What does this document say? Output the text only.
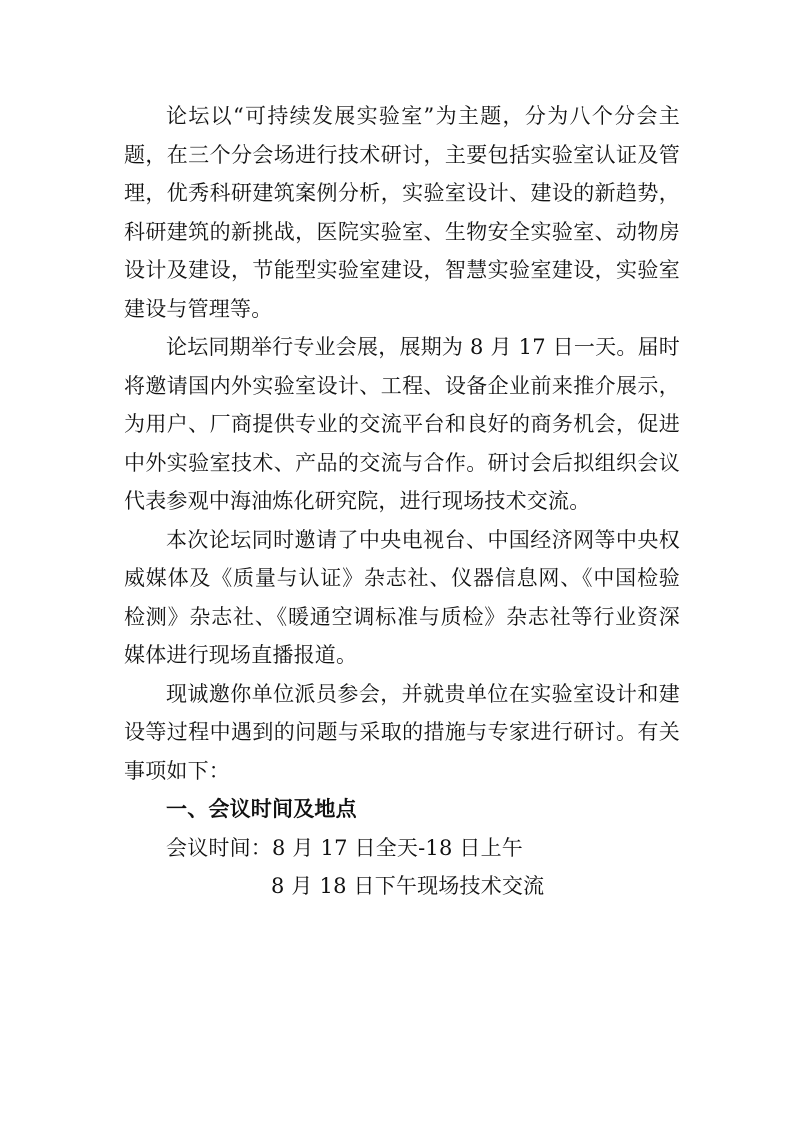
论坛以“可持续发展实验室”为主题，分为八个分会主题，在三个分会场进行技术研讨，主要包括实验室认证及管理，优秀科研建筑案例分析，实验室设计、建设的新趋势，科研建筑的新挑战，医院实验室、生物安全实验室、动物房设计及建设，节能型实验室建设，智慧实验室建设，实验室建设与管理等。

论坛同期举行专业会展，展期为 8 月 17 日一天。届时将邀请国内外实验室设计、工程、设备企业前来推介展示，为用户、厂商提供专业的交流平台和良好的商务机会，促进中外实验室技术、产品的交流与合作。研讨会后拟组织会议代表参观中海油炼化研究院，进行现场技术交流。

本次论坛同时邀请了中央电视台、中国经济网等中央权威媒体及《质量与认证》杂志社、仪器信息网、《中国检验检测》杂志社、《暖通空调标准与质检》杂志社等行业资深媒体进行现场直播报道。

现诚邀你单位派员参会，并就贵单位在实验室设计和建设等过程中遇到的问题与采取的措施与专家进行研讨。有关事项如下：

一、会议时间及地点

会议时间：8 月 17 日全天-18 日上午

8 月 18 日下午现场技术交流
